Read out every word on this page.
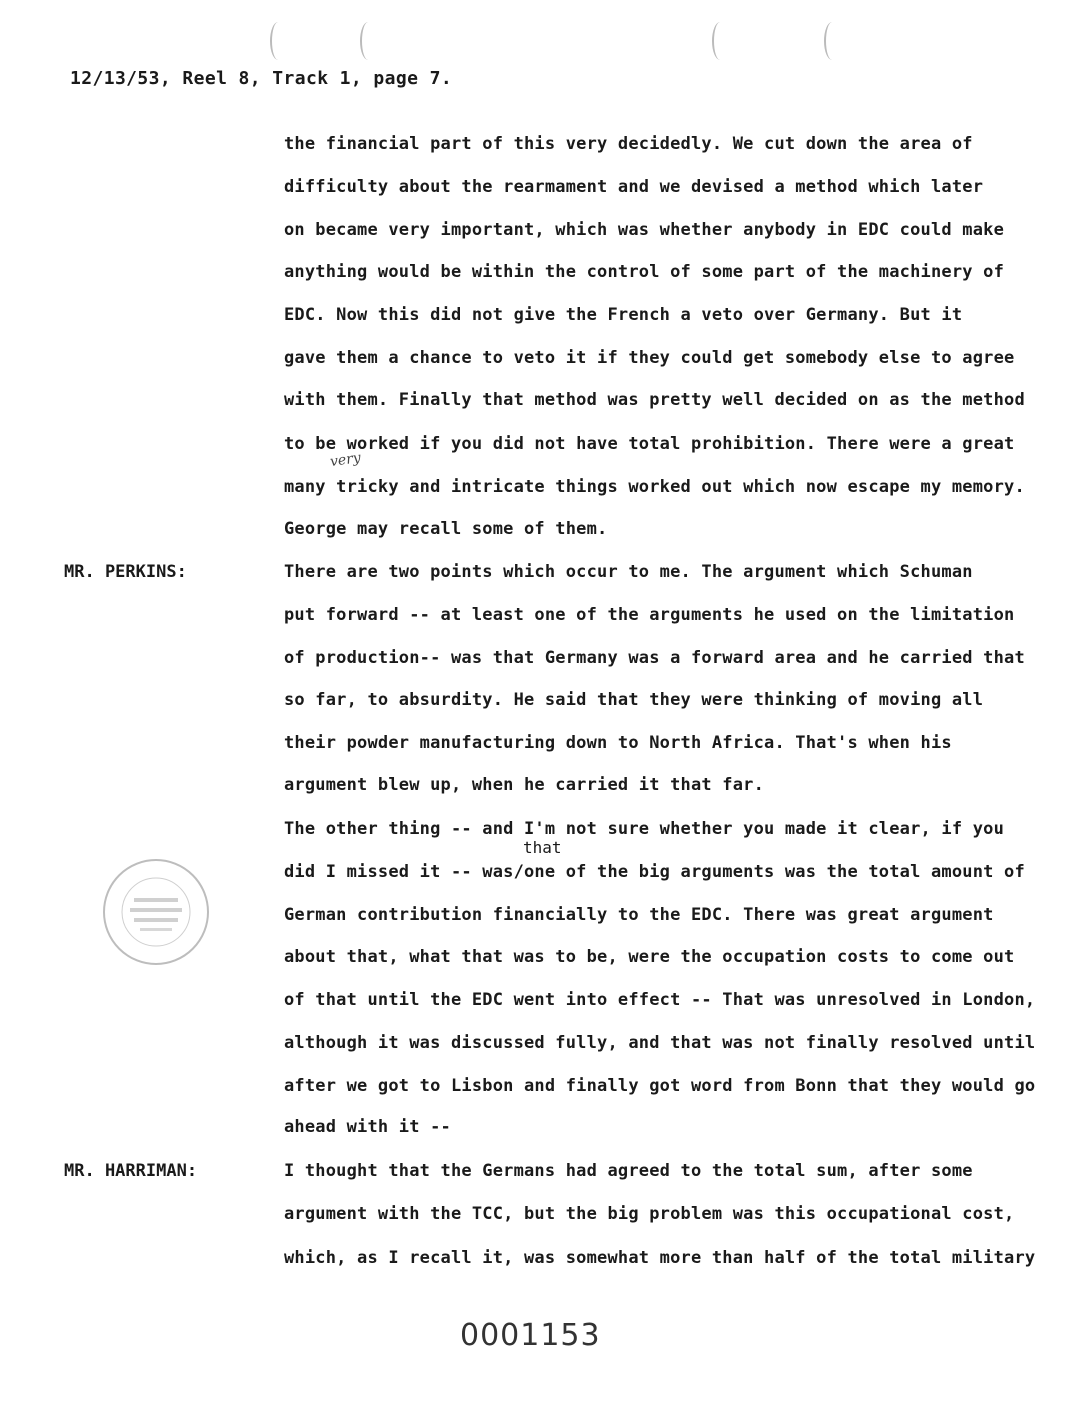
12/13/53, Reel 8, Track 1, page 7.
the financial part of this very decidedly. We cut down the area of
difficulty about the rearmament and we devised a method which later
on became very important, which was whether anybody in EDC could make
anything would be within the control of some part of the machinery of
EDC. Now this did not give the French a veto over Germany. But it
gave them a chance to veto it if they could get somebody else to agree
with them. Finally that method was pretty well decided on as the method
to be worked if you did not have total prohibition. There were a great
very
many tricky and intricate things worked out which now escape my memory.
George may recall some of them.
MR. PERKINS:	There are two points which occur to me. The argument which Schuman
put forward -- at least one of the arguments he used on the limitation
of production-- was that Germany was a forward area and he carried that
so far, to absurdity. He said that they were thinking of moving all
their powder manufacturing down to North Africa. That's when his
argument blew up, when he carried it that far.
The other thing -- and I'm not sure whether you made it clear, if you
that
did I missed it -- was/one of the big arguments was the total amount of
German contribution financially to the EDC. There was great argument
about that, what that was to be, were the occupation costs to come out
of that until the EDC went into effect -- That was unresolved in London,
although it was discussed fully, and that was not finally resolved until
after we got to Lisbon and finally got word from Bonn that they would go
ahead with it --
MR. HARRIMAN:	I thought that the Germans had agreed to the total sum, after some
argument with the TCC, but the big problem was this occupational cost,
which, as I recall it, was somewhat more than half of the total military
0001153
